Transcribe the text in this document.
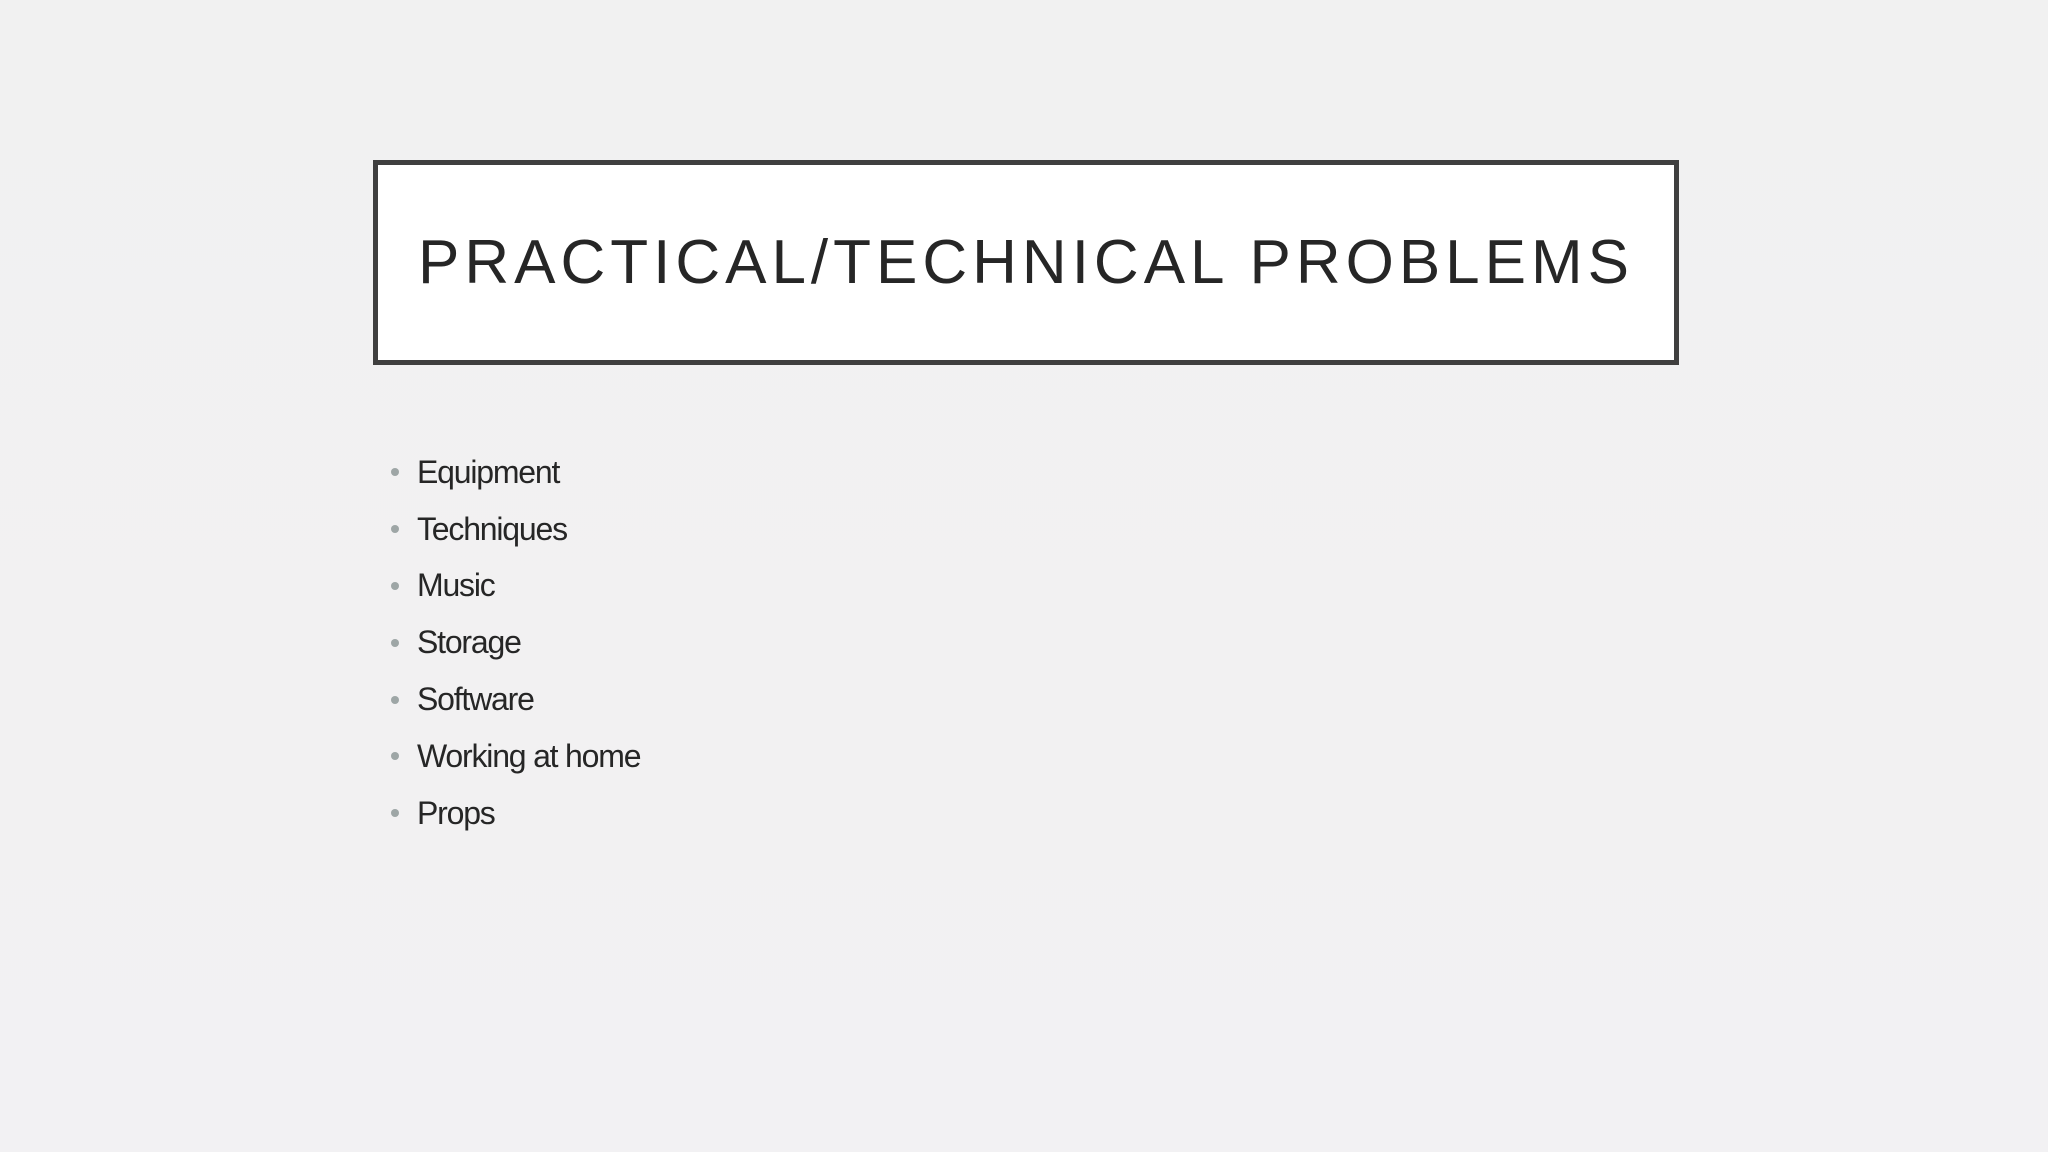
PRACTICAL/TECHNICAL PROBLEMS
Equipment
Techniques
Music
Storage
Software
Working at home
Props
